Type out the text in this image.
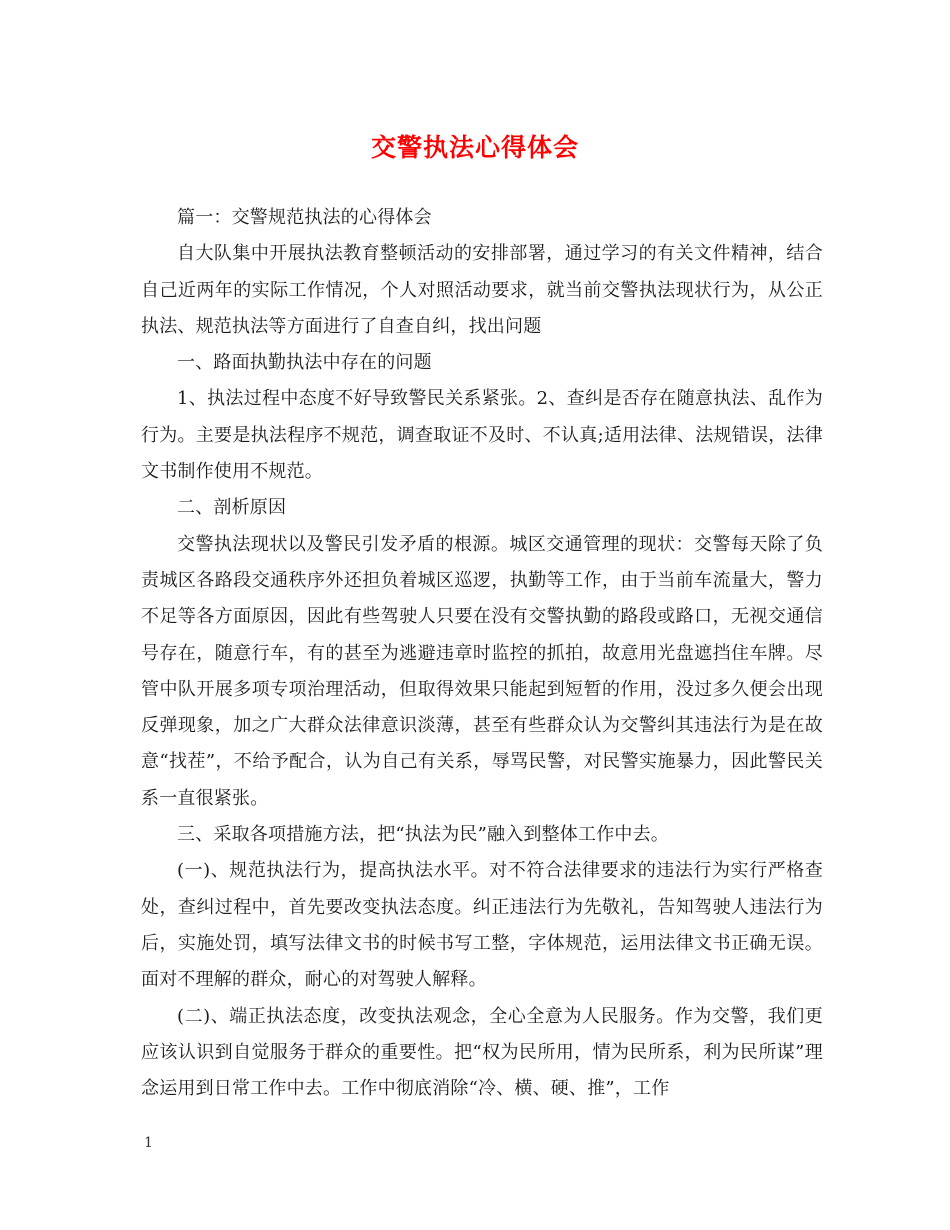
交警执法心得体会

篇一：交警规范执法的心得体会

自大队集中开展执法教育整顿活动的安排部署，通过学习的有关文件精神，结合自己近两年的实际工作情况，个人对照活动要求，就当前交警执法现状行为，从公正执法、规范执法等方面进行了自查自纠，找出问题

一、路面执勤执法中存在的问题

1、执法过程中态度不好导致警民关系紧张。2、查纠是否存在随意执法、乱作为行为。主要是执法程序不规范，调查取证不及时、不认真;适用法律、法规错误，法律文书制作使用不规范。

二、剖析原因

交警执法现状以及警民引发矛盾的根源。城区交通管理的现状：交警每天除了负责城区各路段交通秩序外还担负着城区巡逻，执勤等工作，由于当前车流量大，警力不足等各方面原因，因此有些驾驶人只要在没有交警执勤的路段或路口，无视交通信号存在，随意行车，有的甚至为逃避违章时监控的抓拍，故意用光盘遮挡住车牌。尽管中队开展多项专项治理活动，但取得效果只能起到短暂的作用，没过多久便会出现反弹现象，加之广大群众法律意识淡薄，甚至有些群众认为交警纠其违法行为是在故意“找茬”，不给予配合，认为自己有关系，辱骂民警，对民警实施暴力，因此警民关系一直很紧张。

三、采取各项措施方法，把“执法为民”融入到整体工作中去。

(一)、规范执法行为，提高执法水平。对不符合法律要求的违法行为实行严格查处，查纠过程中，首先要改变执法态度。纠正违法行为先敬礼，告知驾驶人违法行为后，实施处罚，填写法律文书的时候书写工整，字体规范，运用法律文书正确无误。面对不理解的群众，耐心的对驾驶人解释。

(二)、端正执法态度，改变执法观念，全心全意为人民服务。作为交警，我们更应该认识到自觉服务于群众的重要性。把“权为民所用，情为民所系，利为民所谋”理念运用到日常工作中去。工作中彻底消除“冷、横、硬、推”，工作

1
